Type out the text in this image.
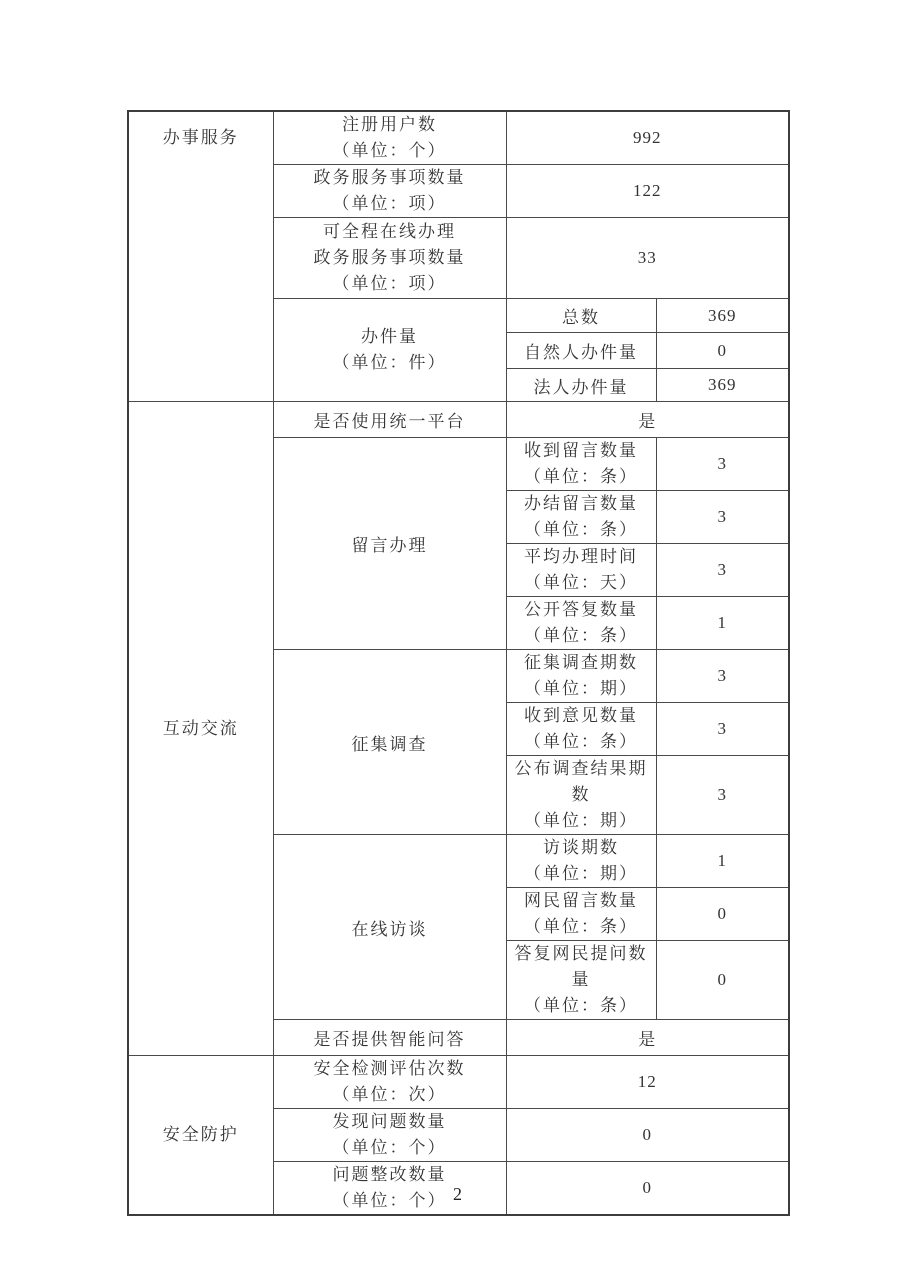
办事服务	注册用户数
（单位：个）	992	

	政务服务事项数量
（单位：项）	122	

	可全程在线办理
政务服务事项数量
（单位：项）	33	

	办件量
（单位：件）	总数	369
		自然人办件量	0
		法人办件量	369

互动交流	是否使用统一平台	是	
	留言办理	收到留言数量
（单位：条）	3

		办结留言数量
（单位：条）	3

		平均办理时间
（单位：天）	3

		公开答复数量
（单位：条）	1
	征集调查	征集调查期数
（单位：期）	3

		收到意见数量
（单位：条）	3

		公布调查结果期数
（单位：期）	3
	在线访谈	访谈期数
（单位：期）	1

		网民留言数量
（单位：条）	0

		答复网民提问数量
（单位：条）	0
	是否提供智能问答	是	

安全防护	安全检测评估次数
（单位：次）	12	

	发现问题数量
（单位：个）	0	

	问题整改数量
（单位：个）	0	
2
